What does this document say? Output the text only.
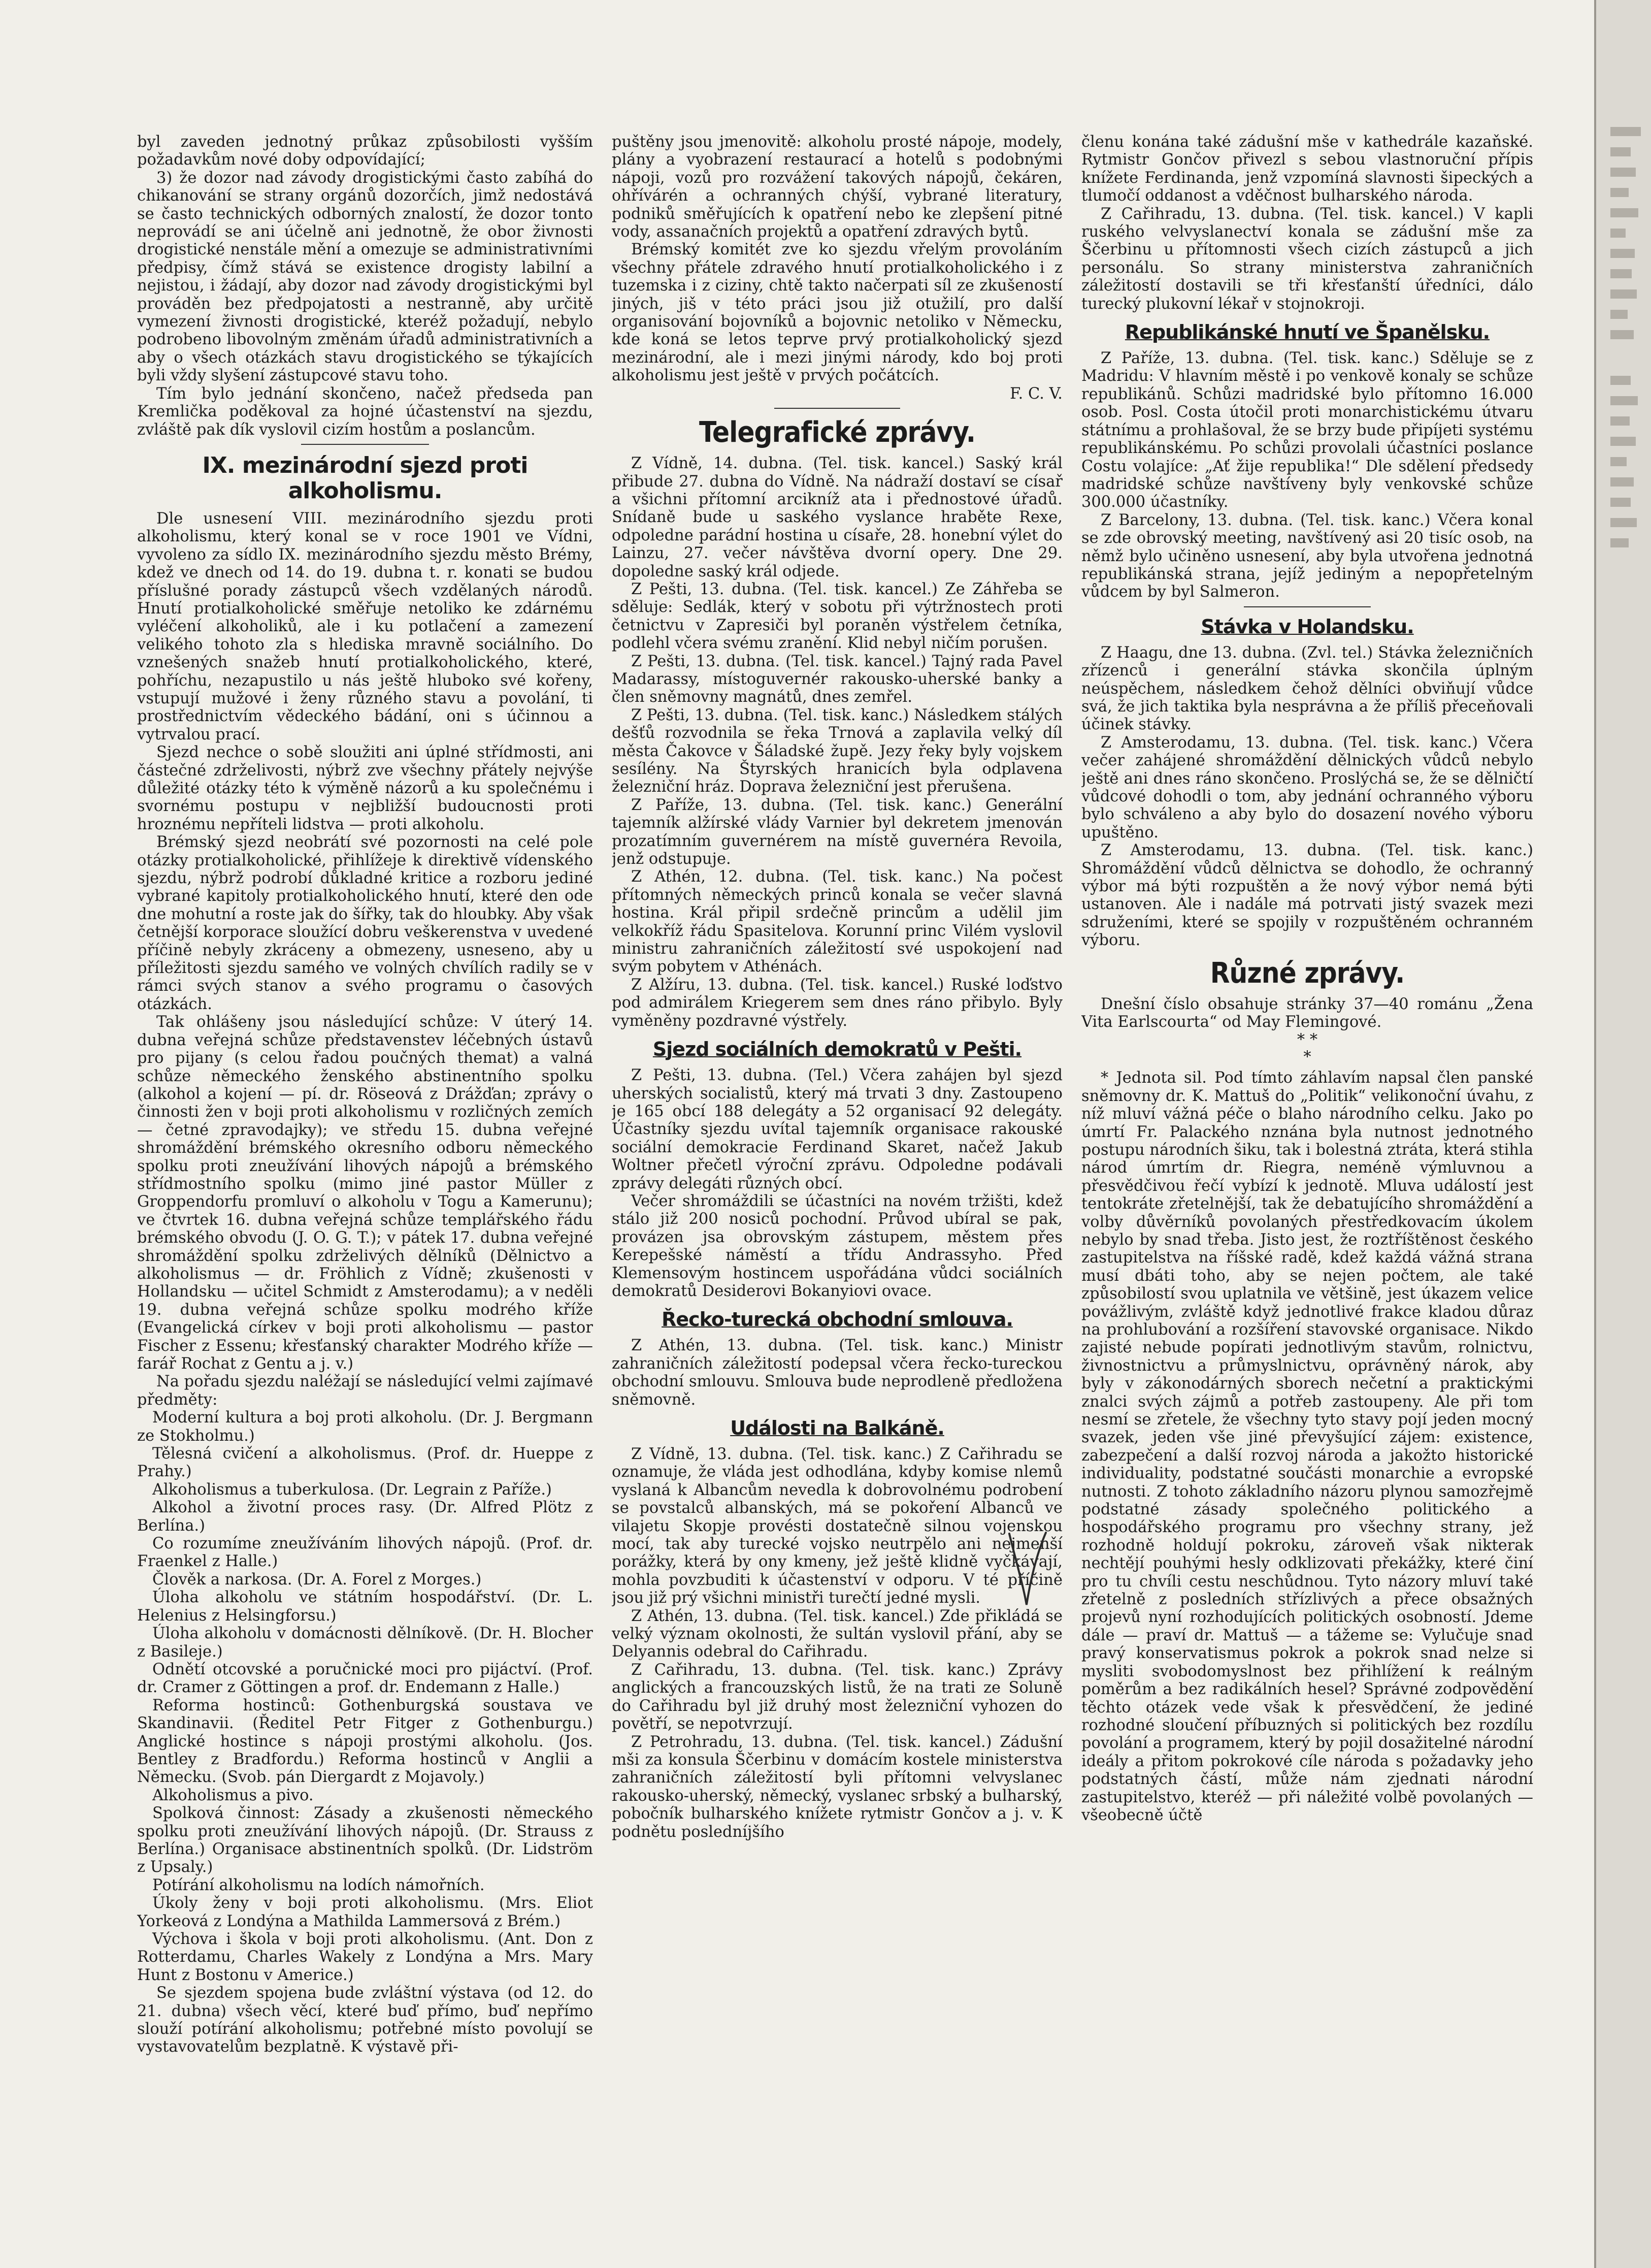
byl zaveden jednotný průkaz způsobilosti vyšším požadavkům nové doby odpovídající;

3) že dozor nad závody drogistickými často zabíhá do chikanování se strany orgánů dozorčích, jimž nedostává se často technických odborných znalostí, že dozor tonto neprovádí se ani účelně ani jednotně, že obor živnosti drogistické nenstále mění a omezuje se administrativními předpisy, čímž stává se existence drogisty labilní a nejistou, i žádají, aby dozor nad závody drogistickými byl prováděn bez předpojatosti a nestranně, aby určitě vymezení živnosti drogistické, kteréž požadují, nebylo podrobeno libovolným změnám úřadů administrativních a aby o všech otázkách stavu drogistického se týkajících byli vždy slyšení zástupcové stavu toho.

Tím bylo jednání skončeno, načež předseda pan Kremlička poděkoval za hojné účastenství na sjezdu, zvláště pak dík vyslovil cizím hostům a poslancům.

IX. mezinárodní sjezd proti alkoholismu.

Dle usnesení VIII. mezinárodního sjezdu proti alkoholismu, který konal se v roce 1901 ve Vídni, vyvoleno za sídlo IX. mezinárodního sjezdu město Brémy, kdež ve dnech od 14. do 19. dubna t. r. konati se budou příslušné porady zástupců všech vzdělaných národů. Hnutí protialkoholické směřuje netoliko ke zdárnému vyléčení alkoholiků, ale i ku potlačení a zamezení velikého tohoto zla s hlediska mravně sociálního. Do vznešených snažeb hnutí protialkoholického, které, pohříchu, nezapustilo u nás ještě hluboko své kořeny, vstupují mužové i ženy různého stavu a povolání, ti prostřednictvím vědeckého bádání, oni s účinnou a vytrvalou prací.

Sjezd nechce o sobě sloužiti ani úplné střídmosti, ani částečné zdrželivosti, nýbrž zve všechny přátely nejvýše důležité otázky této k výměně názorů a ku společnému i svornému postupu v nejbližší budoucnosti proti hroznému nepříteli lidstva — proti alkoholu.

Brémský sjezd neobrátí své pozornosti na celé pole otázky protialkoholické, přihlížeje k direktivě vídenského sjezdu, nýbrž podrobí důkladné kritice a rozboru jediné vybrané kapitoly protialkoholického hnutí, které den ode dne mohutní a roste jak do šířky, tak do hloubky. Aby však četnější korporace sloužící dobru veškerenstva v uvedené příčině nebyly zkráceny a obmezeny, usneseno, aby u příležitosti sjezdu samého ve volných chvílích radily se v rámci svých stanov a svého programu o časových otázkách.

Tak ohlášeny jsou následující schůze: V úterý 14. dubna veřejná schůze představenstev léčebných ústavů pro pijany (s celou řadou poučných themat) a valná schůze německého ženského abstinentního spolku (alkohol a kojení — pí. dr. Röseová z Drážďan; zprávy o činnosti žen v boji proti alkoholismu v rozličných zemích — četné zpravodajky); ve středu 15. dubna veřejné shromáždění brémského okresního odboru německého spolku proti zneužívání lihových nápojů a brémského střídmostního spolku (mimo jiné pastor Müller z Groppendorfu promluví o alkoholu v Togu a Kamerunu); ve čtvrtek 16. dubna veřejná schůze templářského řádu brémského obvodu (J. O. G. T.); v pátek 17. dubna veřejné shromáždění spolku zdrželivých dělníků (Dělnictvo a alkoholismus — dr. Fröhlich z Vídně; zkušenosti v Hollandsku — učitel Schmidt z Amsterodamu); a v neděli 19. dubna veřejná schůze spolku modrého kříže (Evangelická církev v boji proti alkoholismu — pastor Fischer z Essenu; křesťanský charakter Modrého kříže — farář Rochat z Gentu a j. v.)

Na pořadu sjezdu naléžají se následující velmi zajímavé předměty:

Moderní kultura a boj proti alkoholu. (Dr. J. Bergmann ze Stokholmu.)

Tělesná cvičení a alkoholismus. (Prof. dr. Hueppe z Prahy.)

Alkoholismus a tuberkulosa. (Dr. Legrain z Paříže.)

Alkohol a životní proces rasy. (Dr. Alfred Plötz z Berlína.)

Co rozumíme zneužíváním lihových nápojů. (Prof. dr. Fraenkel z Halle.)

Člověk a narkosa. (Dr. A. Forel z Morges.)

Úloha alkoholu ve státním hospodářství. (Dr. L. Helenius z Helsingforsu.)

Úloha alkoholu v domácnosti dělníkově. (Dr. H. Blocher z Basileje.)

Odnětí otcovské a poručnické moci pro pijáctví. (Prof. dr. Cramer z Göttingen a prof. dr. Endemann z Halle.)

Reforma hostinců: Gothenburgská soustava ve Skandinavii. (Ředitel Petr Fitger z Gothenburgu.) Anglické hostince s nápoji prostými alkoholu. (Jos. Bentley z Bradfordu.) Reforma hostinců v Anglii a Německu. (Svob. pán Diergardt z Mojavoly.)

Alkoholismus a pivo.

Spolková činnost: Zásady a zkušenosti německého spolku proti zneužívání lihových nápojů. (Dr. Strauss z Berlína.) Organisace abstinentních spolků. (Dr. Lidström z Upsaly.)

Potírání alkoholismu na lodích námořních.

Úkoly ženy v boji proti alkoholismu. (Mrs. Eliot Yorkeová z Londýna a Mathilda Lammersová z Brém.)

Výchova i škola v boji proti alkoholismu. (Ant. Don z Rotterdamu, Charles Wakely z Londýna a Mrs. Mary Hunt z Bostonu v Americe.)

Se sjezdem spojena bude zvláštní výstava (od 12. do 21. dubna) všech věcí, které buď přímo, buď nepřímo slouží potírání alkoholismu; potřebné místo povolují se vystavovatelům bezplatně. K výstavě při-

puštěny jsou jmenovitě: alkoholu prosté nápoje, modely, plány a vyobrazení restaurací a hotelů s podobnými nápoji, vozů pro rozvážení takových nápojů, čekáren, ohřívárén a ochranných chýší, vybrané literatury, podniků směřujících k opatření nebo ke zlepšení pitné vody, assanačních projektů a opatření zdravých bytů.

Brémský komitét zve ko sjezdu vřelým provoláním všechny přátele zdravého hnutí protialkoholického i z tuzemska i z ciziny, chtě takto načerpati síl ze zkušeností jiných, jiš v této práci jsou již otužilí, pro další organisování bojovníků a bojovnic netoliko v Německu, kde koná se letos teprve prvý protialkoholický sjezd mezinárodní, ale i mezi jinými národy, kdo boj proti alkoholismu jest ještě v prvých počátcích.

F. C. V.

Telegrafické zprávy.

Z Vídně, 14. dubna. (Tel. tisk. kancel.) Saský král přibude 27. dubna do Vídně. Na nádraží dostaví se císař a všichni přítomní arcikníž ata i přednostové úřadů. Snídaně bude u saského vyslance hraběte Rexe, odpoledne parádní hostina u císaře, 28. honební výlet do Lainzu, 27. večer návštěva dvorní opery. Dne 29. dopoledne saský král odjede.

Z Pešti, 13. dubna. (Tel. tisk. kancel.) Ze Záhřeba se sděluje: Sedlák, který v sobotu při výtržnostech proti četnictvu v Zapresiči byl poraněn výstřelem četníka, podlehl včera svému zranění. Klid nebyl ničím porušen.

Z Pešti, 13. dubna. (Tel. tisk. kancel.) Tajný rada Pavel Madarassy, místoguvernér rakousko-uherské banky a člen sněmovny magnátů, dnes zemřel.

Z Pešti, 13. dubna. (Tel. tisk. kanc.) Následkem stálých dešťů rozvodnila se řeka Trnová a zaplavila velký díl města Čakovce v Šáladské župě. Jezy řeky byly vojskem sesílény. Na Štyrských hranicích byla odplavena železniční hráz. Doprava železniční jest přerušena.

Z Paříže, 13. dubna. (Tel. tisk. kanc.) Generální tajemník alžírské vlády Varnier byl dekretem jmenován prozatímním guvernérem na místě guvernéra Revoila, jenž odstupuje.

Z Athén, 12. dubna. (Tel. tisk. kanc.) Na počest přítomných německých princů konala se večer slavná hostina. Král připil srdečně princům a udělil jim velkokříž řádu Spasitelova. Korunní princ Vilém vyslovil ministru zahraničních záležitostí své uspokojení nad svým pobytem v Athénách.

Z Alžíru, 13. dubna. (Tel. tisk. kancel.) Ruské loďstvo pod admirálem Kriegerem sem dnes ráno přibylo. Byly vyměněny pozdravné výstřely.

Sjezd sociálních demokratů v Pešti.

Z Pešti, 13. dubna. (Tel.) Včera zahájen byl sjezd uherských socialistů, který má trvati 3 dny. Zastoupeno je 165 obcí 188 delegáty a 52 organisací 92 delegáty. Účastníky sjezdu uvítal tajemník organisace rakouské sociální demokracie Ferdinand Skaret, načež Jakub Woltner přečetl výroční zprávu. Odpoledne podávali zprávy delegáti různých obcí.

Večer shromáždili se účastníci na novém tržišti, kdež stálo již 200 nosiců pochodní. Průvod ubíral se pak, provázen jsa obrovským zástupem, městem přes Kerepešské náměstí a třídu Andrassyho. Před Klemensovým hostincem uspořádána vůdci sociálních demokratů Desiderovi Bokanyiovi ovace.

Řecko-turecká obchodní smlouva.

Z Athén, 13. dubna. (Tel. tisk. kanc.) Ministr zahraničních záležitostí podepsal včera řecko-tureckou obchodní smlouvu. Smlouva bude neprodleně předložena sněmovně.

Události na Balkáně.

Z Vídně, 13. dubna. (Tel. tisk. kanc.) Z Cařihradu se oznamuje, že vláda jest odhodlána, kdyby komise nlemů vyslaná k Albancům nevedla k dobrovolnému podrobení se povstalců albanských, má se pokoření Albanců ve vilajetu Skopje provésti dostatečně silnou vojenskou mocí, tak aby turecké vojsko neutrpělo ani nejmenší porážky, která by ony kmeny, jež ještě klidně vyčkávají, mohla povzbuditi k účastenství v odporu. V té příčině jsou již prý všichni ministři turečtí jedné mysli.

Z Athén, 13. dubna. (Tel. tisk. kancel.) Zde přikládá se velký význam okolnosti, že sultán vyslovil přání, aby se Delyannis odebral do Cařihradu.

Z Cařihradu, 13. dubna. (Tel. tisk. kanc.) Zprávy anglických a francouzských listů, že na trati ze Soluně do Cařihradu byl již druhý most železniční vyhozen do povětří, se nepotvrzují.

Z Petrohradu, 13. dubna. (Tel. tisk. kancel.) Zádušní mši za konsula Ščerbinu v domácím kostele ministerstva zahraničních záležitostí byli přítomni velvyslanec rakousko-uherský, německý, vyslanec srbský a bulharský, pobočník bulharského knížete rytmistr Gončov a j. v. K podnětu posledníjšího

členu konána také zádušní mše v kathedrále kazaňské. Rytmistr Gončov přivezl s sebou vlastnoruční přípis knížete Ferdinanda, jenž vzpomíná slavnosti šipeckých a tlumočí oddanost a vděčnost bulharského národa.

Z Cařihradu, 13. dubna. (Tel. tisk. kancel.) V kapli ruského velvyslanectví konala se zádušní mše za Ščerbinu u přítomnosti všech cizích zástupců a jich personálu. So strany ministerstva zahraničních záležitostí dostavili se tři křesťanští úředníci, dálo turecký plukovní lékař v stojnokroji.

Republikánské hnutí ve Španělsku.

Z Paříže, 13. dubna. (Tel. tisk. kanc.) Sděluje se z Madridu: V hlavním městě i po venkově konaly se schůze republikánů. Schůzi madridské bylo přítomno 16.000 osob. Posl. Costa útočil proti monarchistickému útvaru státnímu a prohlašoval, že se brzy bude připíjeti systému republikánskému. Po schůzi provolali účastníci poslance Costu volajíce: „Ať žije republika!“ Dle sdělení předsedy madridské schůze navštíveny byly venkovské schůze 300.000 účastníky.

Z Barcelony, 13. dubna. (Tel. tisk. kanc.) Včera konal se zde obrovský meeting, navštívený asi 20 tisíc osob, na němž bylo učiněno usnesení, aby byla utvořena jednotná republikánská strana, jejíž jediným a nepopřetelným vůdcem by byl Salmeron.

Stávka v Holandsku.

Z Haagu, dne 13. dubna. (Zvl. tel.) Stávka železničních zřízenců i generální stávka skončila úplným neúspěchem, následkem čehož dělníci obviňují vůdce svá, že jich taktika byla nesprávna a že příliš přeceňovali účinek stávky.

Z Amsterodamu, 13. dubna. (Tel. tisk. kanc.) Včera večer zahájené shromáždění dělnických vůdců nebylo ještě ani dnes ráno skončeno. Proslýchá se, že se dělničtí vůdcové dohodli o tom, aby jednání ochranného výboru bylo schváleno a aby bylo do dosazení nového výboru upuštěno.

Z Amsterodamu, 13. dubna. (Tel. tisk. kanc.) Shromáždění vůdců dělnictva se dohodlo, že ochranný výbor má býti rozpuštěn a že nový výbor nemá býti ustanoven. Ale i nadále má potrvati jistý svazek mezi sdruženími, které se spojily v rozpuštěném ochranném výboru.

Různé zprávy.

Dnešní číslo obsahuje stránky 37—40 románu „Žena Vita Earlscourta“ od May Flemingové.

* *

*

* Jednota sil. Pod tímto záhlavím napsal člen panské sněmovny dr. K. Mattuš do „Politik“ velikonoční úvahu, z níž mluví vážná péče o blaho národního celku. Jako po úmrtí Fr. Palackého nznána byla nutnost jednotného postupu národních šiku, tak i bolestná ztráta, která stihla národ úmrtím dr. Riegra, neméně výmluvnou a přesvědčivou řečí vybízí k jednotě. Mluva událostí jest tentokráte zřetelnější, tak že debatujícího shromáždění a volby důvěrníků povolaných přestředkovacím úkolem nebylo by snad třeba. Jisto jest, že roztříštěnost českého zastupitelstva na říšské radě, kdež každá vážná strana musí dbáti toho, aby se nejen počtem, ale také způsobilostí svou uplatnila ve většině, jest úkazem velice povážlivým, zvláště když jednotlivé frakce kladou důraz na prohlubování a rozšíření stavovské organisace. Nikdo zajisté nebude popírati jednotlivým stavům, rolnictvu, živnostnictvu a průmyslnictvu, oprávněný nárok, aby byly v zákonodárných sborech nečetní a praktickými znalci svých zájmů a potřeb zastoupeny. Ale při tom nesmí se zřetele, že všechny tyto stavy pojí jeden mocný svazek, jeden vše jiné převyšující zájem: existence, zabezpečení a další rozvoj národa a jakožto historické individuality, podstatné součásti monarchie a evropské nutnosti. Z tohoto základního názoru plynou samozřejmě podstatné zásady společného politického a hospodářského programu pro všechny strany, jež rozhodně holdují pokroku, zároveň však nikterak nechtějí pouhými hesly odklizovati překážky, které činí pro tu chvíli cestu neschůdnou. Tyto názory mluví také zřetelně z posledních střízlivých a přece obsažných projevů nyní rozhodujících politických osobností. Jdeme dále — praví dr. Mattuš — a tážeme se: Vylučuje snad pravý konservatismus pokrok a pokrok snad nelze si mysliti svobodomyslnost bez přihlížení k reálným poměrům a bez radikálních hesel? Správné zodpovědění těchto otázek vede však k přesvědčení, že jediné rozhodné sloučení příbuzných si politických bez rozdílu povolání a programem, který by pojil dosažitelné národní ideály a přitom pokrokové cíle národa s požadavky jeho podstatných částí, může nám zjednati národní zastupitelstvo, kteréž — při náležité volbě povolaných — všeobecně účtě
